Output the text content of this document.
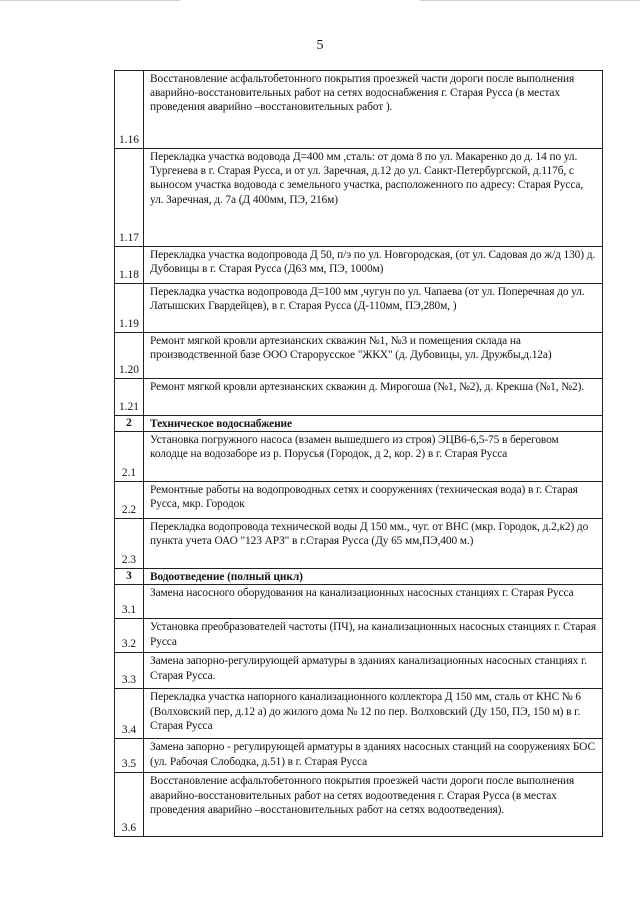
5
1.16	Восстановление асфальтобетонного покрытия проезжей части дороги после выполнения аварийно-восстановительных работ на сетях водоснабжения г. Старая Русса (в местах проведения аварийно –восстановительных работ ).
1.17	Перекладка участка водовода Д=400 мм ,сталь: от дома 8 по ул. Макаренко до д. 14 по ул. Тургенева в г. Старая Русса, и от ул. Заречная, д.12 до ул. Санкт-Петербургской, д.117б, с выносом участка водовода с земельного участка, расположенного по адресу: Старая Русса, ул. Заречная, д. 7а (Д 400мм, ПЭ, 216м)
1.18	Перекладка участка водопровода Д 50, п/э по ул. Новгородская, (от ул. Садовая до ж/д 130) д. Дубовицы в г. Старая Русса (Д63 мм, ПЭ, 1000м)
1.19	Перекладка участка водопровода Д=100 мм ,чугун по ул. Чапаева (от ул. Поперечная до ул. Латышских Гвардейцев), в г. Старая Русса (Д-110мм, ПЭ,280м, )
1.20	Ремонт мягкой кровли артезианских скважин №1, №3 и помещения склада на производственной базе ООО Старорусское "ЖКХ" (д. Дубовицы, ул. Дружбы,д.12а)
1.21	Ремонт мягкой кровли артезианских скважин д. Мирогоша (№1, №2), д. Крекша (№1, №2).
2	Техническое водоснабжение
2.1	Установка погружного насоса (взамен вышедшего из строя) ЭЦВ6-6,5-75 в береговом колодце на водозаборе из р. Порусья (Городок, д 2, кор. 2) в г. Старая Русса
2.2	Ремонтные работы на водопроводных сетях и сооружениях (техническая вода) в г. Старая Русса, мкр. Городок
2.3	Перекладка водопровода технической воды Д 150 мм., чуг. от ВНС (мкр. Городок, д.2,к2) до пункта учета ОАО "123 АРЗ" в г.Старая Русса (Ду 65 мм,ПЭ,400 м.)
3	Водоотведение (полный цикл)
3.1	Замена насосного оборудования на канализационных насосных станциях г. Старая Русса
3.2	Установка преобразователей частоты (ПЧ), на канализационных насосных станциях г. Старая Русса
3.3	Замена запорно-регулирующей арматуры в зданиях канализационных насосных станциях г. Старая Русса.
3.4	Перекладка участка напорного канализационного коллектора Д 150 мм, сталь от КНС № 6 (Волховский пер, д.12 а) до жилого дома № 12 по пер. Волховский (Ду 150, ПЭ, 150 м) в г. Старая Русса
3.5	Замена запорно - регулирующей арматуры в зданиях насосных станций на сооружениях БОС (ул. Рабочая Слободка, д.51) в г. Старая Русса
3.6	Восстановление асфальтобетонного покрытия проезжей части дороги после выполнения аварийно-восстановительных работ на сетях водоотведения г. Старая Русса (в местах проведения аварийно –восстановительных работ на сетях водоотведения).
